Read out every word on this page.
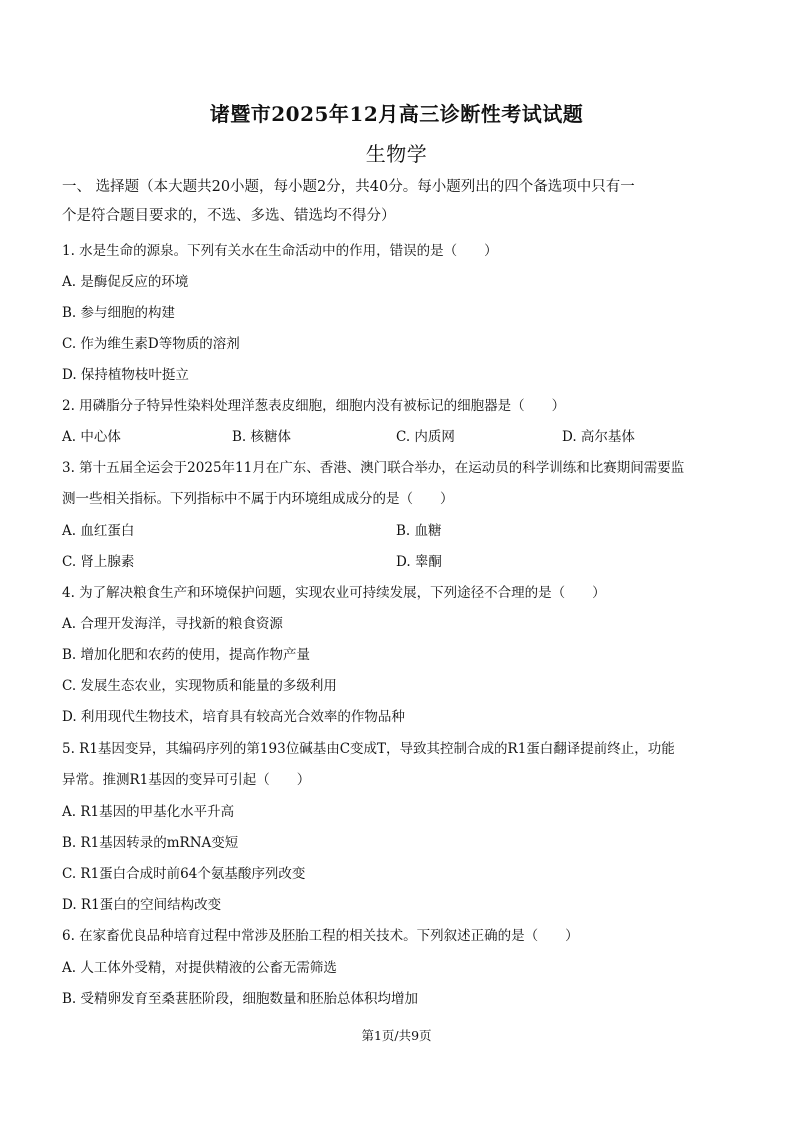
诸暨市2025年12月高三诊断性考试试题
生物学
一、 选择题（本大题共20小题，每小题2分，共40分。每小题列出的四个备选项中只有一
个是符合题目要求的，不选、多选、错选均不得分）
1. 水是生命的源泉。下列有关水在生命活动中的作用，错误的是（　　）
A. 是酶促反应的环境
B. 参与细胞的构建
C. 作为维生素D等物质的溶剂
D. 保持植物枝叶挺立
2. 用磷脂分子特异性染料处理洋葱表皮细胞，细胞内没有被标记的细胞器是（　　）
A. 中心体	B. 核糖体	C. 内质网	D. 高尔基体
3. 第十五届全运会于2025年11月在广东、香港、澳门联合举办，在运动员的科学训练和比赛期间需要监
测一些相关指标。下列指标中不属于内环境组成成分的是（　　）
A. 血红蛋白	B. 血糖
C. 肾上腺素	D. 睾酮
4. 为了解决粮食生产和环境保护问题，实现农业可持续发展，下列途径不合理的是（　　）
A. 合理开发海洋，寻找新的粮食资源
B. 增加化肥和农药的使用，提高作物产量
C. 发展生态农业，实现物质和能量的多级利用
D. 利用现代生物技术，培育具有较高光合效率的作物品种
5. R1基因变异，其编码序列的第193位碱基由C变成T，导致其控制合成的R1蛋白翻译提前终止，功能
异常。推测R1基因的变异可引起（　　）
A. R1基因的甲基化水平升高
B. R1基因转录的mRNA变短
C. R1蛋白合成时前64个氨基酸序列改变
D. R1蛋白的空间结构改变
6. 在家畜优良品种培育过程中常涉及胚胎工程的相关技术。下列叙述正确的是（　　）
A. 人工体外受精，对提供精液的公畜无需筛选
B. 受精卵发育至桑葚胚阶段，细胞数量和胚胎总体积均增加
第1页/共9页
